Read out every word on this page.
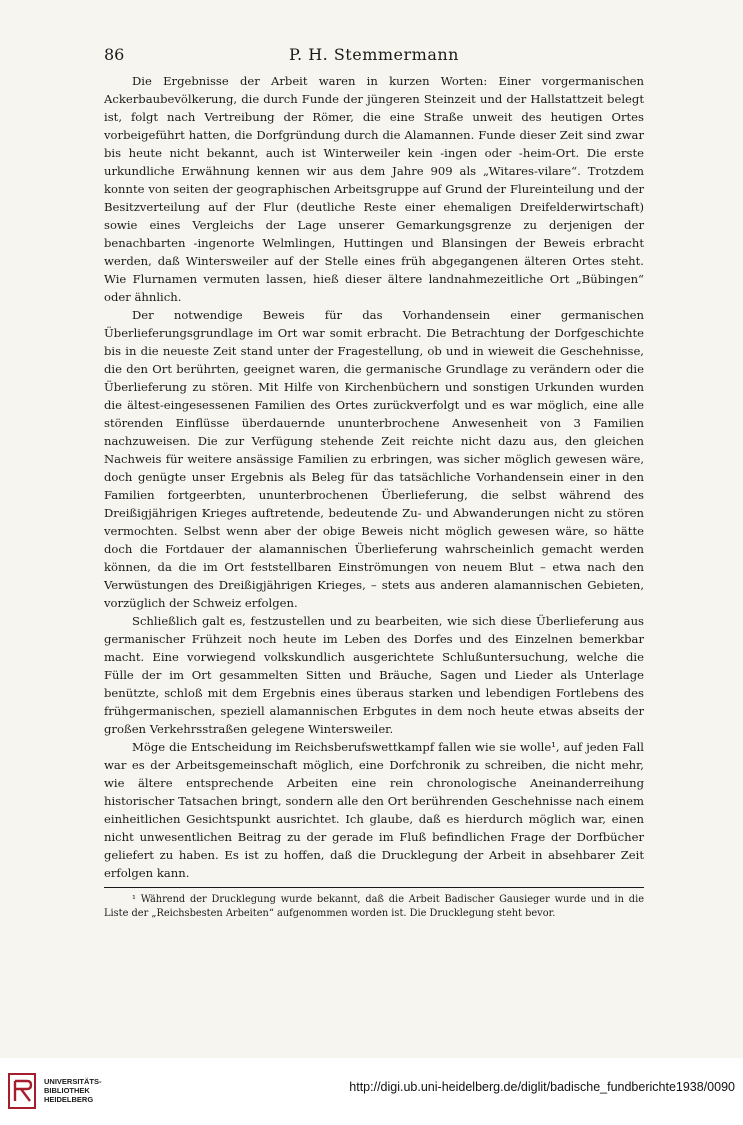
86	P. H. Stemmermann

Die Ergebnisse der Arbeit waren in kurzen Worten: Einer vorgermanischen Ackerbaubevölkerung, die durch Funde der jüngeren Steinzeit und der Hallstattzeit belegt ist, folgt nach Vertreibung der Römer, die eine Straße unweit des heutigen Ortes vorbeigeführt hatten, die Dorfgründung durch die Alamannen. Funde dieser Zeit sind zwar bis heute nicht bekannt, auch ist Winterweiler kein -ingen oder -heim-Ort. Die erste urkundliche Erwähnung kennen wir aus dem Jahre 909 als „Witares-vilare“. Trotzdem konnte von seiten der geographischen Arbeitsgruppe auf Grund der Flureinteilung und der Besitzverteilung auf der Flur (deutliche Reste einer ehemaligen Dreifelderwirtschaft) sowie eines Vergleichs der Lage unserer Gemarkungsgrenze zu derjenigen der benachbarten -ingenorte Welmlingen, Huttingen und Blansingen der Beweis erbracht werden, daß Wintersweiler auf der Stelle eines früh abgegangenen älteren Ortes steht. Wie Flurnamen vermuten lassen, hieß dieser ältere landnahmezeitliche Ort „Bübingen“ oder ähnlich.

Der notwendige Beweis für das Vorhandensein einer germanischen Überlieferungsgrundlage im Ort war somit erbracht. Die Betrachtung der Dorfgeschichte bis in die neueste Zeit stand unter der Fragestellung, ob und in wieweit die Geschehnisse, die den Ort berührten, geeignet waren, die germanische Grundlage zu verändern oder die Überlieferung zu stören. Mit Hilfe von Kirchenbüchern und sonstigen Urkunden wurden die ältest-eingesessenen Familien des Ortes zurückverfolgt und es war möglich, eine alle störenden Einflüsse überdauernde ununterbrochene Anwesenheit von 3 Familien nachzuweisen. Die zur Verfügung stehende Zeit reichte nicht dazu aus, den gleichen Nachweis für weitere ansässige Familien zu erbringen, was sicher möglich gewesen wäre, doch genügte unser Ergebnis als Beleg für das tatsächliche Vorhandensein einer in den Familien fortgeerbten, ununterbrochenen Überlieferung, die selbst während des Dreißigjährigen Krieges auftretende, bedeutende Zu- und Abwanderungen nicht zu stören vermochten. Selbst wenn aber der obige Beweis nicht möglich gewesen wäre, so hätte doch die Fortdauer der alamannischen Überlieferung wahrscheinlich gemacht werden können, da die im Ort feststellbaren Einströmungen von neuem Blut – etwa nach den Verwüstungen des Dreißigjährigen Krieges, – stets aus anderen alamannischen Gebieten, vorzüglich der Schweiz erfolgen.

Schließlich galt es, festzustellen und zu bearbeiten, wie sich diese Überlieferung aus germanischer Frühzeit noch heute im Leben des Dorfes und des Einzelnen bemerkbar macht. Eine vorwiegend volkskundlich ausgerichtete Schlußuntersuchung, welche die Fülle der im Ort gesammelten Sitten und Bräuche, Sagen und Lieder als Unterlage benützte, schloß mit dem Ergebnis eines überaus starken und lebendigen Fortlebens des frühgermanischen, speziell alamannischen Erbgutes in dem noch heute etwas abseits der großen Verkehrsstraßen gelegene Wintersweiler.

Möge die Entscheidung im Reichsberufswettkampf fallen wie sie wolle¹, auf jeden Fall war es der Arbeitsgemeinschaft möglich, eine Dorfchronik zu schreiben, die nicht mehr, wie ältere entsprechende Arbeiten eine rein chronologische Aneinanderreihung historischer Tatsachen bringt, sondern alle den Ort berührenden Geschehnisse nach einem einheitlichen Gesichtspunkt ausrichtet. Ich glaube, daß es hierdurch möglich war, einen nicht unwesentlichen Beitrag zu der gerade im Fluß befindlichen Frage der Dorfbücher geliefert zu haben. Es ist zu hoffen, daß die Drucklegung der Arbeit in absehbarer Zeit erfolgen kann.

¹ Während der Drucklegung wurde bekannt, daß die Arbeit Badischer Gausieger wurde und in die Liste der „Reichsbesten Arbeiten“ aufgenommen worden ist. Die Drucklegung steht bevor.

UNIVERSITÄTS-
BIBLIOTHEK
HEIDELBERG
http://digi.ub.uni-heidelberg.de/diglit/badische_fundberichte1938/0090
